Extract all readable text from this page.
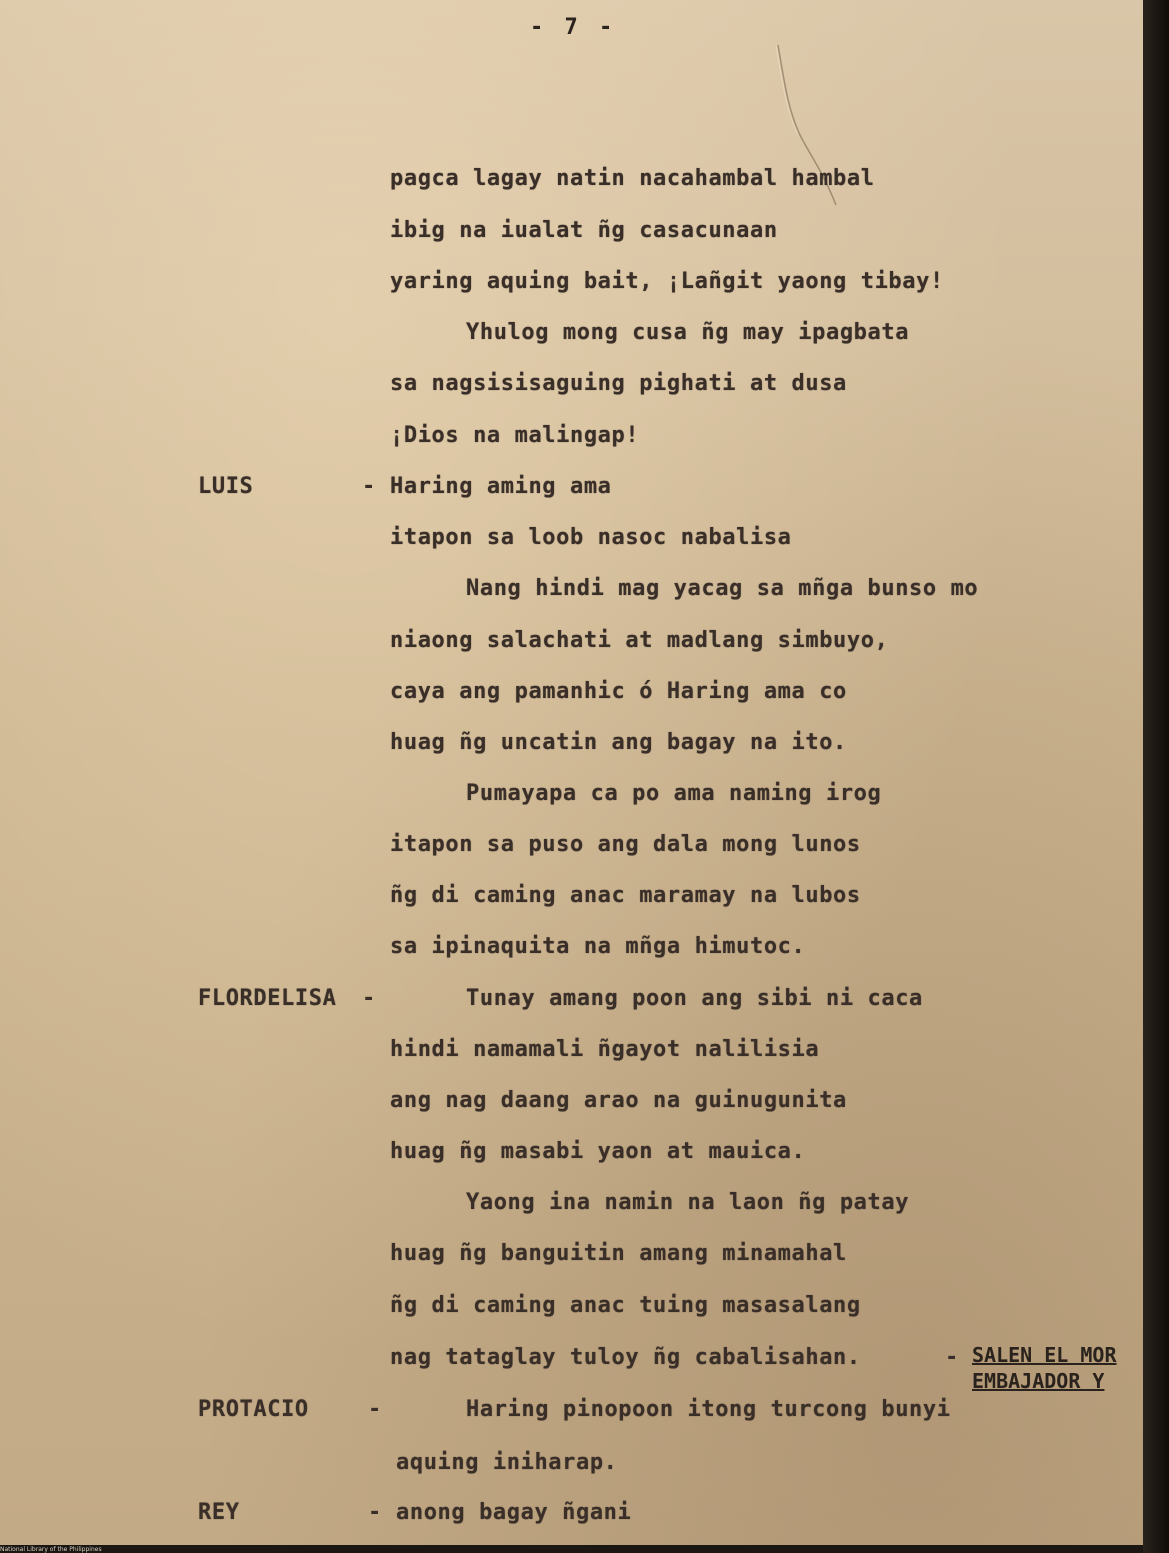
- 7 -
pagca lagay natin nacahambal hambal
ibig na iualat ñg casacunaan
yaring aquing bait, ¡Lañgit yaong tibay!
Yhulog mong cusa ñg may ipagbata
sa nagsisisaguing pighati at dusa
¡Dios na malingap!
LUIS	- Haring aming ama
itapon sa loob nasoc nabalisa
Nang hindi mag yacag sa mñga bunso mo
niaong salachati at madlang simbuyo,
caya ang pamanhic ó Haring ama co
huag ñg uncatin ang bagay na ito.
Pumayapa ca po ama naming irog
itapon sa puso ang dala mong lunos
ñg di caming anac maramay na lubos
sa ipinaquita na mñga himutoc.
FLORDELISA -	Tunay amang poon ang sibi ni caca
hindi namamali ñgayot nalilisia
ang nag daang arao na guinugunita
huag ñg masabi yaon at mauica.
Yaong ina namin na laon ñg patay
huag ñg banguitin amang minamahal
ñg di caming anac tuing masasalang
nag tataglay tuloy ñg cabalisahan.	- SALEN EL MOR
EMBAJADOR Y
PROTACIO	-	Haring pinopoon itong turcong bunyi
aquing iniharap.
REY	- anong bagay ñgani
National Library of the Philippines
